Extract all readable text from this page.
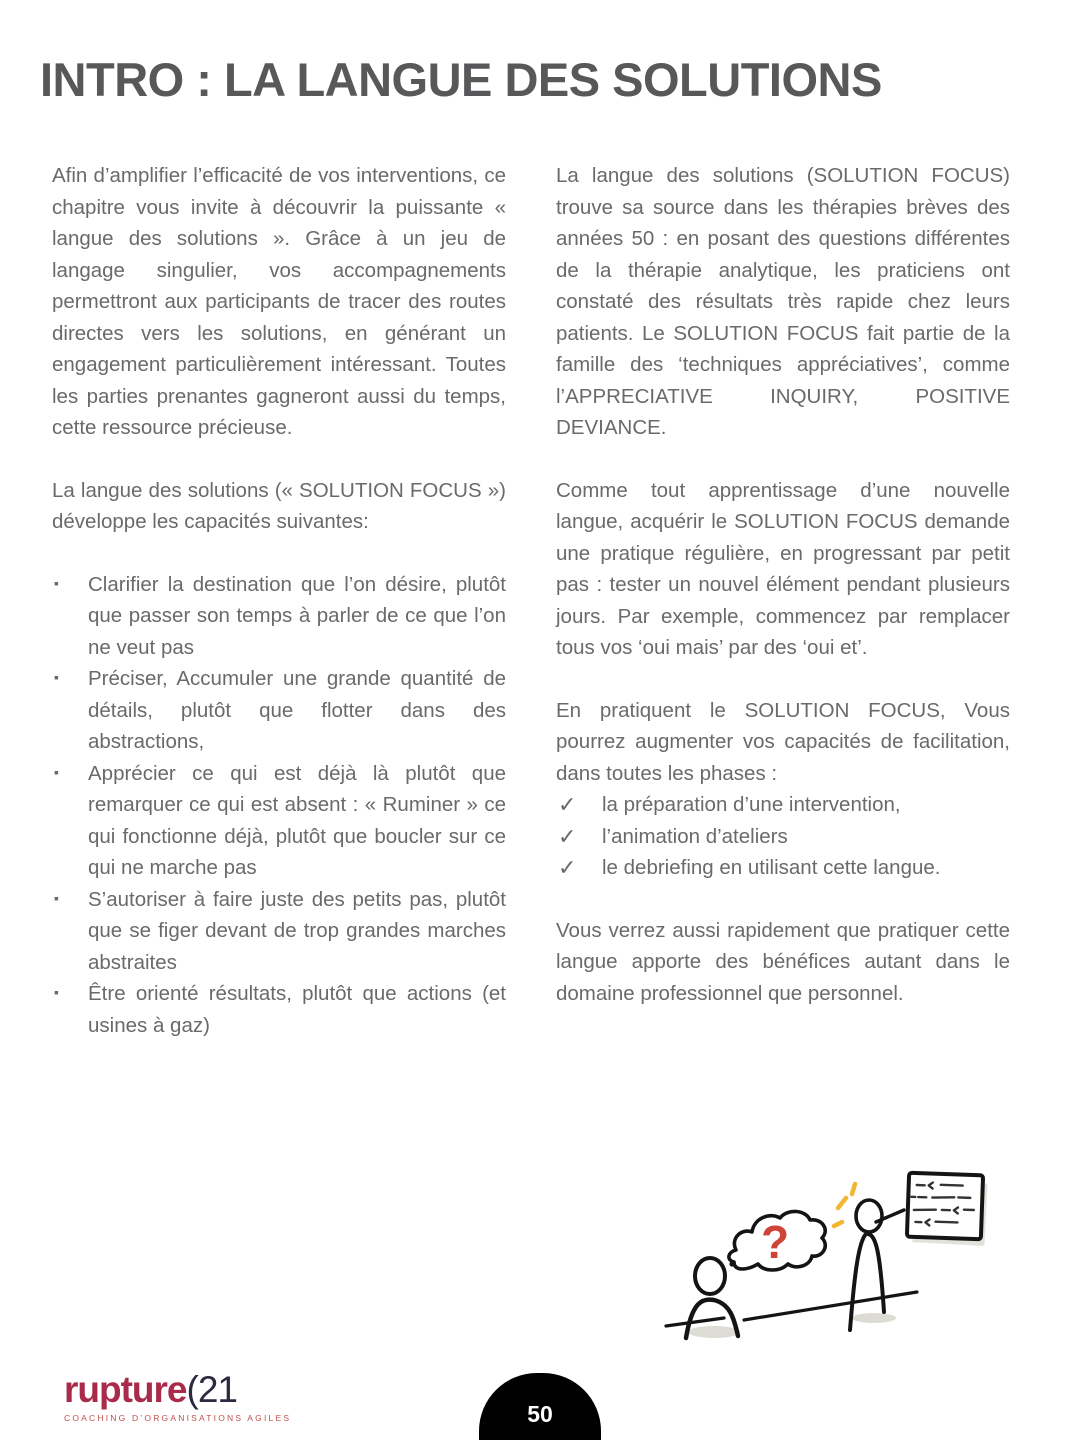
INTRO : LA LANGUE DES SOLUTIONS

Afin d’amplifier l’efficacité de vos interventions, ce chapitre vous invite à découvrir la puissante « langue des solutions ». Grâce à un jeu de langage singulier, vos accompagnements permettront aux participants de tracer des routes directes vers les solutions, en générant un engagement particulièrement intéressant. Toutes les parties prenantes gagneront aussi du temps, cette ressource précieuse.

La langue des solutions (« SOLUTION FOCUS ») développe les capacités suivantes:

▪ Clarifier la destination que l’on désire, plutôt que passer son temps à parler de ce que l’on ne veut pas
▪ Préciser, Accumuler une grande quantité de détails, plutôt que flotter dans des abstractions,
▪ Apprécier ce qui est déjà là plutôt que remarquer ce qui est absent : « Ruminer » ce qui fonctionne déjà, plutôt que boucler sur ce qui ne marche pas
▪ S’autoriser à faire juste des petits pas, plutôt que se figer devant de trop grandes marches abstraites
▪ Être orienté résultats, plutôt que actions (et usines à gaz)

La langue des solutions (SOLUTION FOCUS) trouve sa source dans les thérapies brèves des années 50 : en posant des questions différentes de la thérapie analytique, les praticiens ont constaté des résultats très rapide chez leurs patients. Le SOLUTION FOCUS fait partie de la famille des ‘techniques appréciatives’, comme l’APPRECIATIVE INQUIRY, POSITIVE DEVIANCE.

Comme tout apprentissage d’une nouvelle langue, acquérir le SOLUTION FOCUS demande une pratique régulière, en progressant par petit pas : tester un nouvel élément pendant plusieurs jours. Par exemple, commencez par remplacer tous vos ‘oui mais’ par des ‘oui et’.

En pratiquent le SOLUTION FOCUS, Vous pourrez augmenter vos capacités de facilitation, dans toutes les phases :

✓ la préparation d’une intervention,
✓ l’animation d’ateliers
✓ le debriefing en utilisant cette langue.

Vous verrez aussi rapidement que pratiquer cette langue apporte des bénéfices autant dans le domaine professionnel que personnel.

?
rupture(21
COACHING D’ORGANISATIONS AGILES	50
